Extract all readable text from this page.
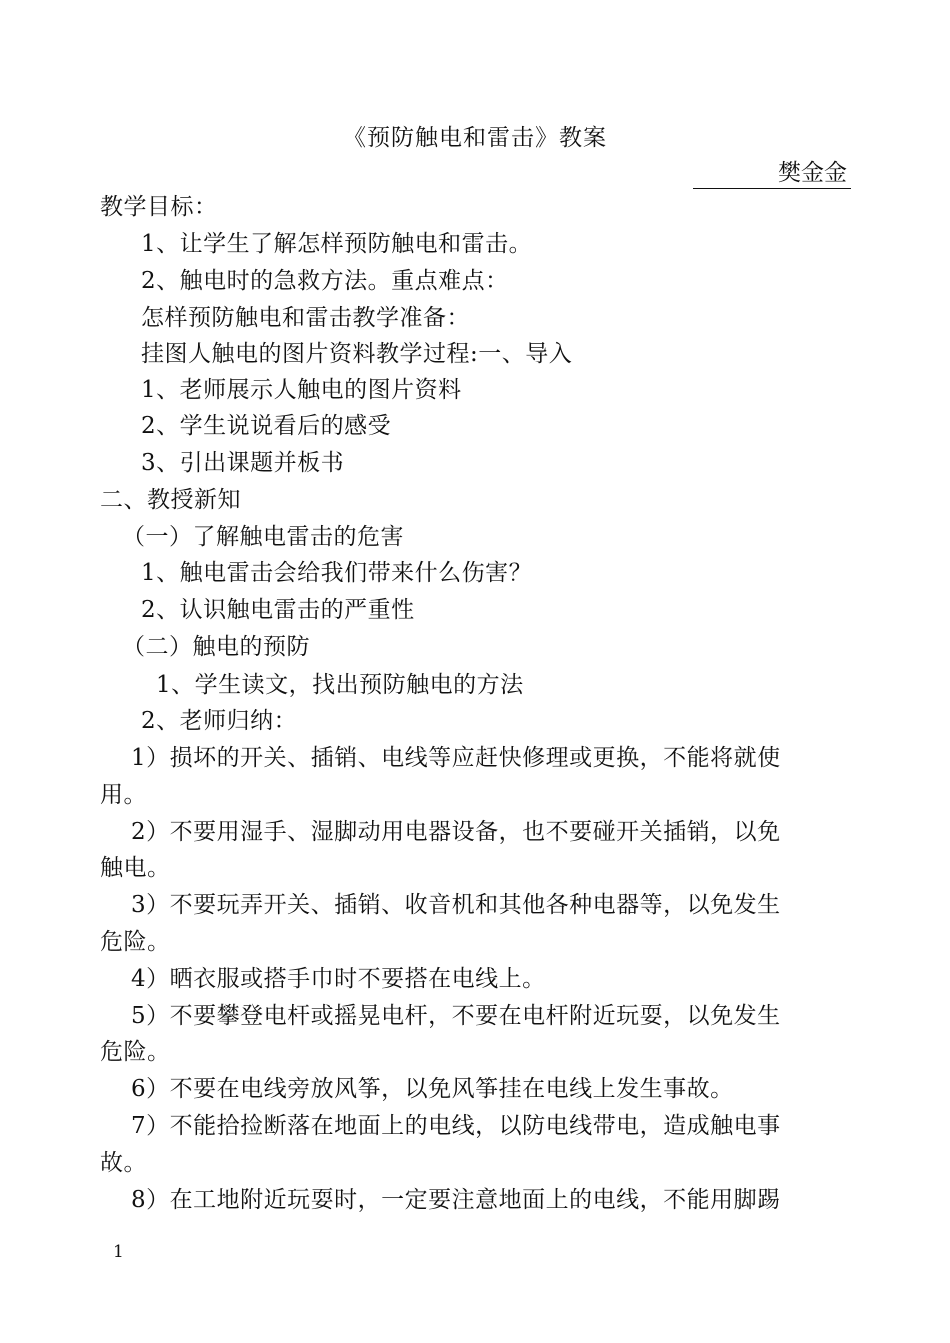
《预防触电和雷击》教案
樊金金
教学目标：
1、让学生了解怎样预防触电和雷击。
2、触电时的急救方法。重点难点：
怎样预防触电和雷击教学准备：
挂图人触电的图片资料教学过程:一、导入
1、老师展示人触电的图片资料
2、学生说说看后的感受
3、引出课题并板书
二、教授新知
（一）了解触电雷击的危害
1、触电雷击会给我们带来什么伤害？
2、认识触电雷击的严重性
（二）触电的预防
1、学生读文，找出预防触电的方法
2、老师归纳：
1）损坏的开关、插销、电线等应赶快修理或更换，不能将就使
用。
2）不要用湿手、湿脚动用电器设备，也不要碰开关插销，以免
触电。
3）不要玩弄开关、插销、收音机和其他各种电器等，以免发生
危险。
4）晒衣服或搭手巾时不要搭在电线上。
5）不要攀登电杆或摇晃电杆，不要在电杆附近玩耍，以免发生
危险。
6）不要在电线旁放风筝，以免风筝挂在电线上发生事故。
7）不能拾捡断落在地面上的电线，以防电线带电，造成触电事
故。
8）在工地附近玩耍时，一定要注意地面上的电线，不能用脚踢
1
